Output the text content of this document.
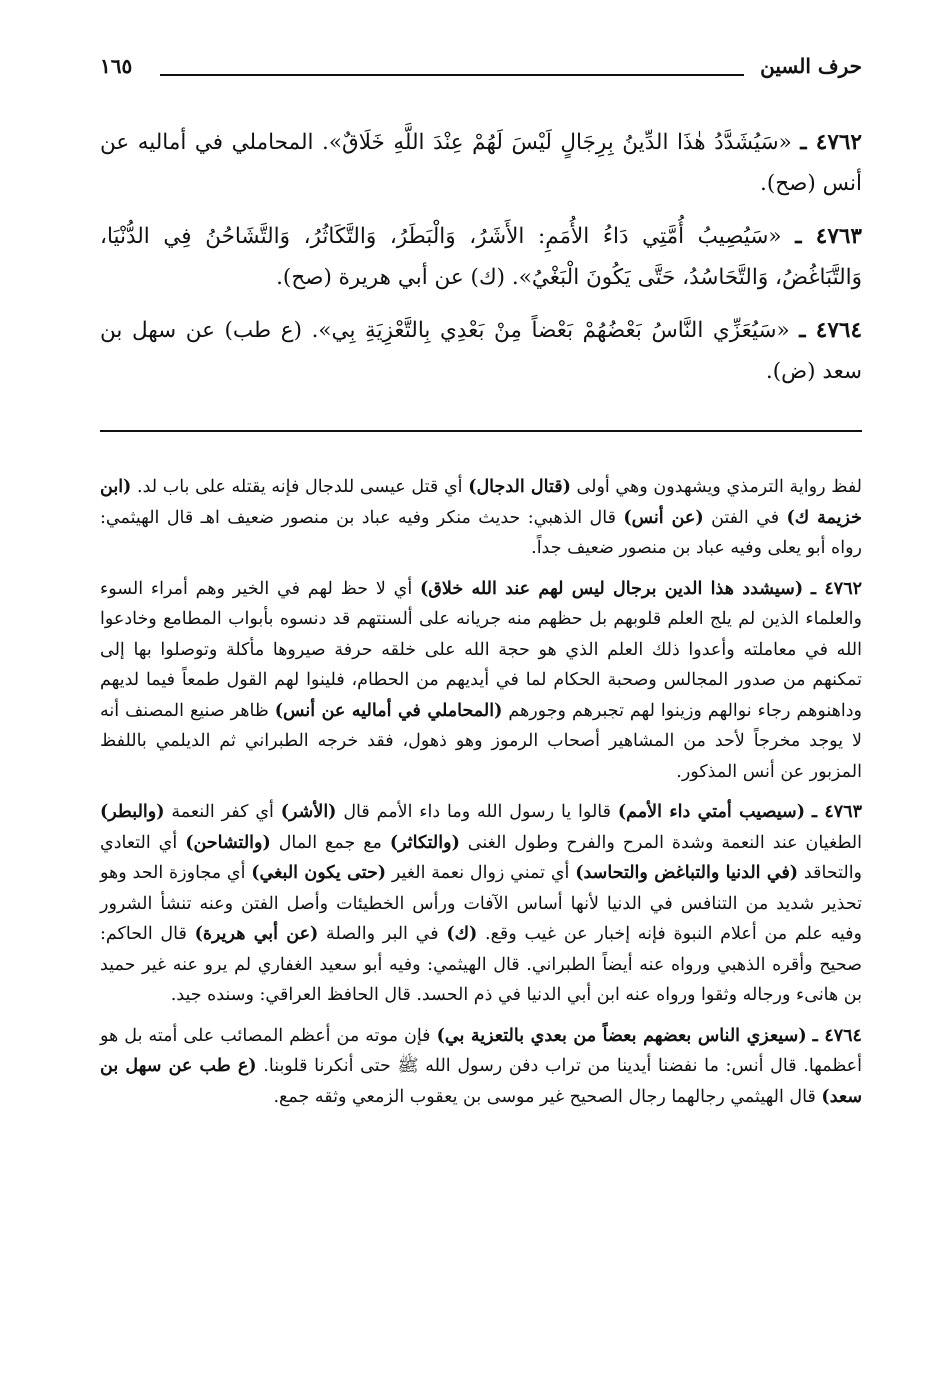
حرف السين
١٦٥

٤٧٦٢ ـ «سَيُشَدَّدُ هٰذَا الدِّينُ بِرِجَالٍ لَيْسَ لَهُمْ عِنْدَ اللَّهِ خَلَاقٌ». المحاملي في أماليه عن أنس (صح).

٤٧٦٣ ـ «سَيُصِيبُ أُمَّتِي دَاءُ الأُمَمِ: الأَشَرُ، وَالْبَطَرُ، وَالتَّكَاثُرُ، وَالتَّشَاحُنُ فِي الدُّنْيَا، وَالتَّبَاغُضُ، وَالتَّحَاسُدُ، حَتَّى يَكُونَ الْبَغْيُ». (ك) عن أبي هريرة (صح).

٤٧٦٤ ـ «سَيُعَزِّي النَّاسُ بَعْضُهُمْ بَعْضاً مِنْ بَعْدِي بِالتَّعْزِيَةِ بِي». (ع طب) عن سهل بن سعد (ض).

لفظ رواية الترمذي ويشهدون وهي أولى (قتال الدجال) أي قتل عيسى للدجال فإنه يقتله على باب لد. (ابن خزيمة ك) في الفتن (عن أنس) قال الذهبي: حديث منكر وفيه عباد بن منصور ضعيف اهـ قال الهيثمي: رواه أبو يعلى وفيه عباد بن منصور ضعيف جداً.

٤٧٦٢ ـ (سيشدد هذا الدين برجال ليس لهم عند الله خلاق) أي لا حظ لهم في الخير وهم أمراء السوء والعلماء الذين لم يلج العلم قلوبهم بل حظهم منه جريانه على ألسنتهم قد دنسوه بأبواب المطامع وخادعوا الله في معاملته وأعدوا ذلك العلم الذي هو حجة الله على خلقه حرفة صيروها مأكلة وتوصلوا بها إلى تمكنهم من صدور المجالس وصحبة الحكام لما في أيديهم من الحطام، فلينوا لهم القول طمعاً فيما لديهم وداهنوهم رجاء نوالهم وزينوا لهم تجبرهم وجورهم (المحاملي في أماليه عن أنس) ظاهر صنيع المصنف أنه لا يوجد مخرجاً لأحد من المشاهير أصحاب الرموز وهو ذهول، فقد خرجه الطبراني ثم الديلمي باللفظ المزبور عن أنس المذكور.

٤٧٦٣ ـ (سيصيب أمتي داء الأمم) قالوا يا رسول الله وما داء الأمم قال (الأشر) أي كفر النعمة (والبطر) الطغيان عند النعمة وشدة المرح والفرح وطول الغنى (والتكاثر) مع جمع المال (والتشاحن) أي التعادي والتحاقد (في الدنيا والتباغض والتحاسد) أي تمني زوال نعمة الغير (حتى يكون البغي) أي مجاوزة الحد وهو تحذير شديد من التنافس في الدنيا لأنها أساس الآفات ورأس الخطيئات وأصل الفتن وعنه تنشأ الشرور وفيه علم من أعلام النبوة فإنه إخبار عن غيب وقع. (ك) في البر والصلة (عن أبي هريرة) قال الحاكم: صحيح وأقره الذهبي ورواه عنه أيضاً الطبراني. قال الهيثمي: وفيه أبو سعيد الغفاري لم يرو عنه غير حميد بن هانىء ورجاله وثقوا ورواه عنه ابن أبي الدنيا في ذم الحسد. قال الحافظ العراقي: وسنده جيد.

٤٧٦٤ ـ (سيعزي الناس بعضهم بعضاً من بعدي بالتعزية بي) فإن موته من أعظم المصائب على أمته بل هو أعظمها. قال أنس: ما نفضنا أيدينا من تراب دفن رسول الله ﷺ حتى أنكرنا قلوبنا. (ع طب عن سهل بن سعد) قال الهيثمي رجالهما رجال الصحيح غير موسى بن يعقوب الزمعي وثقه جمع.
